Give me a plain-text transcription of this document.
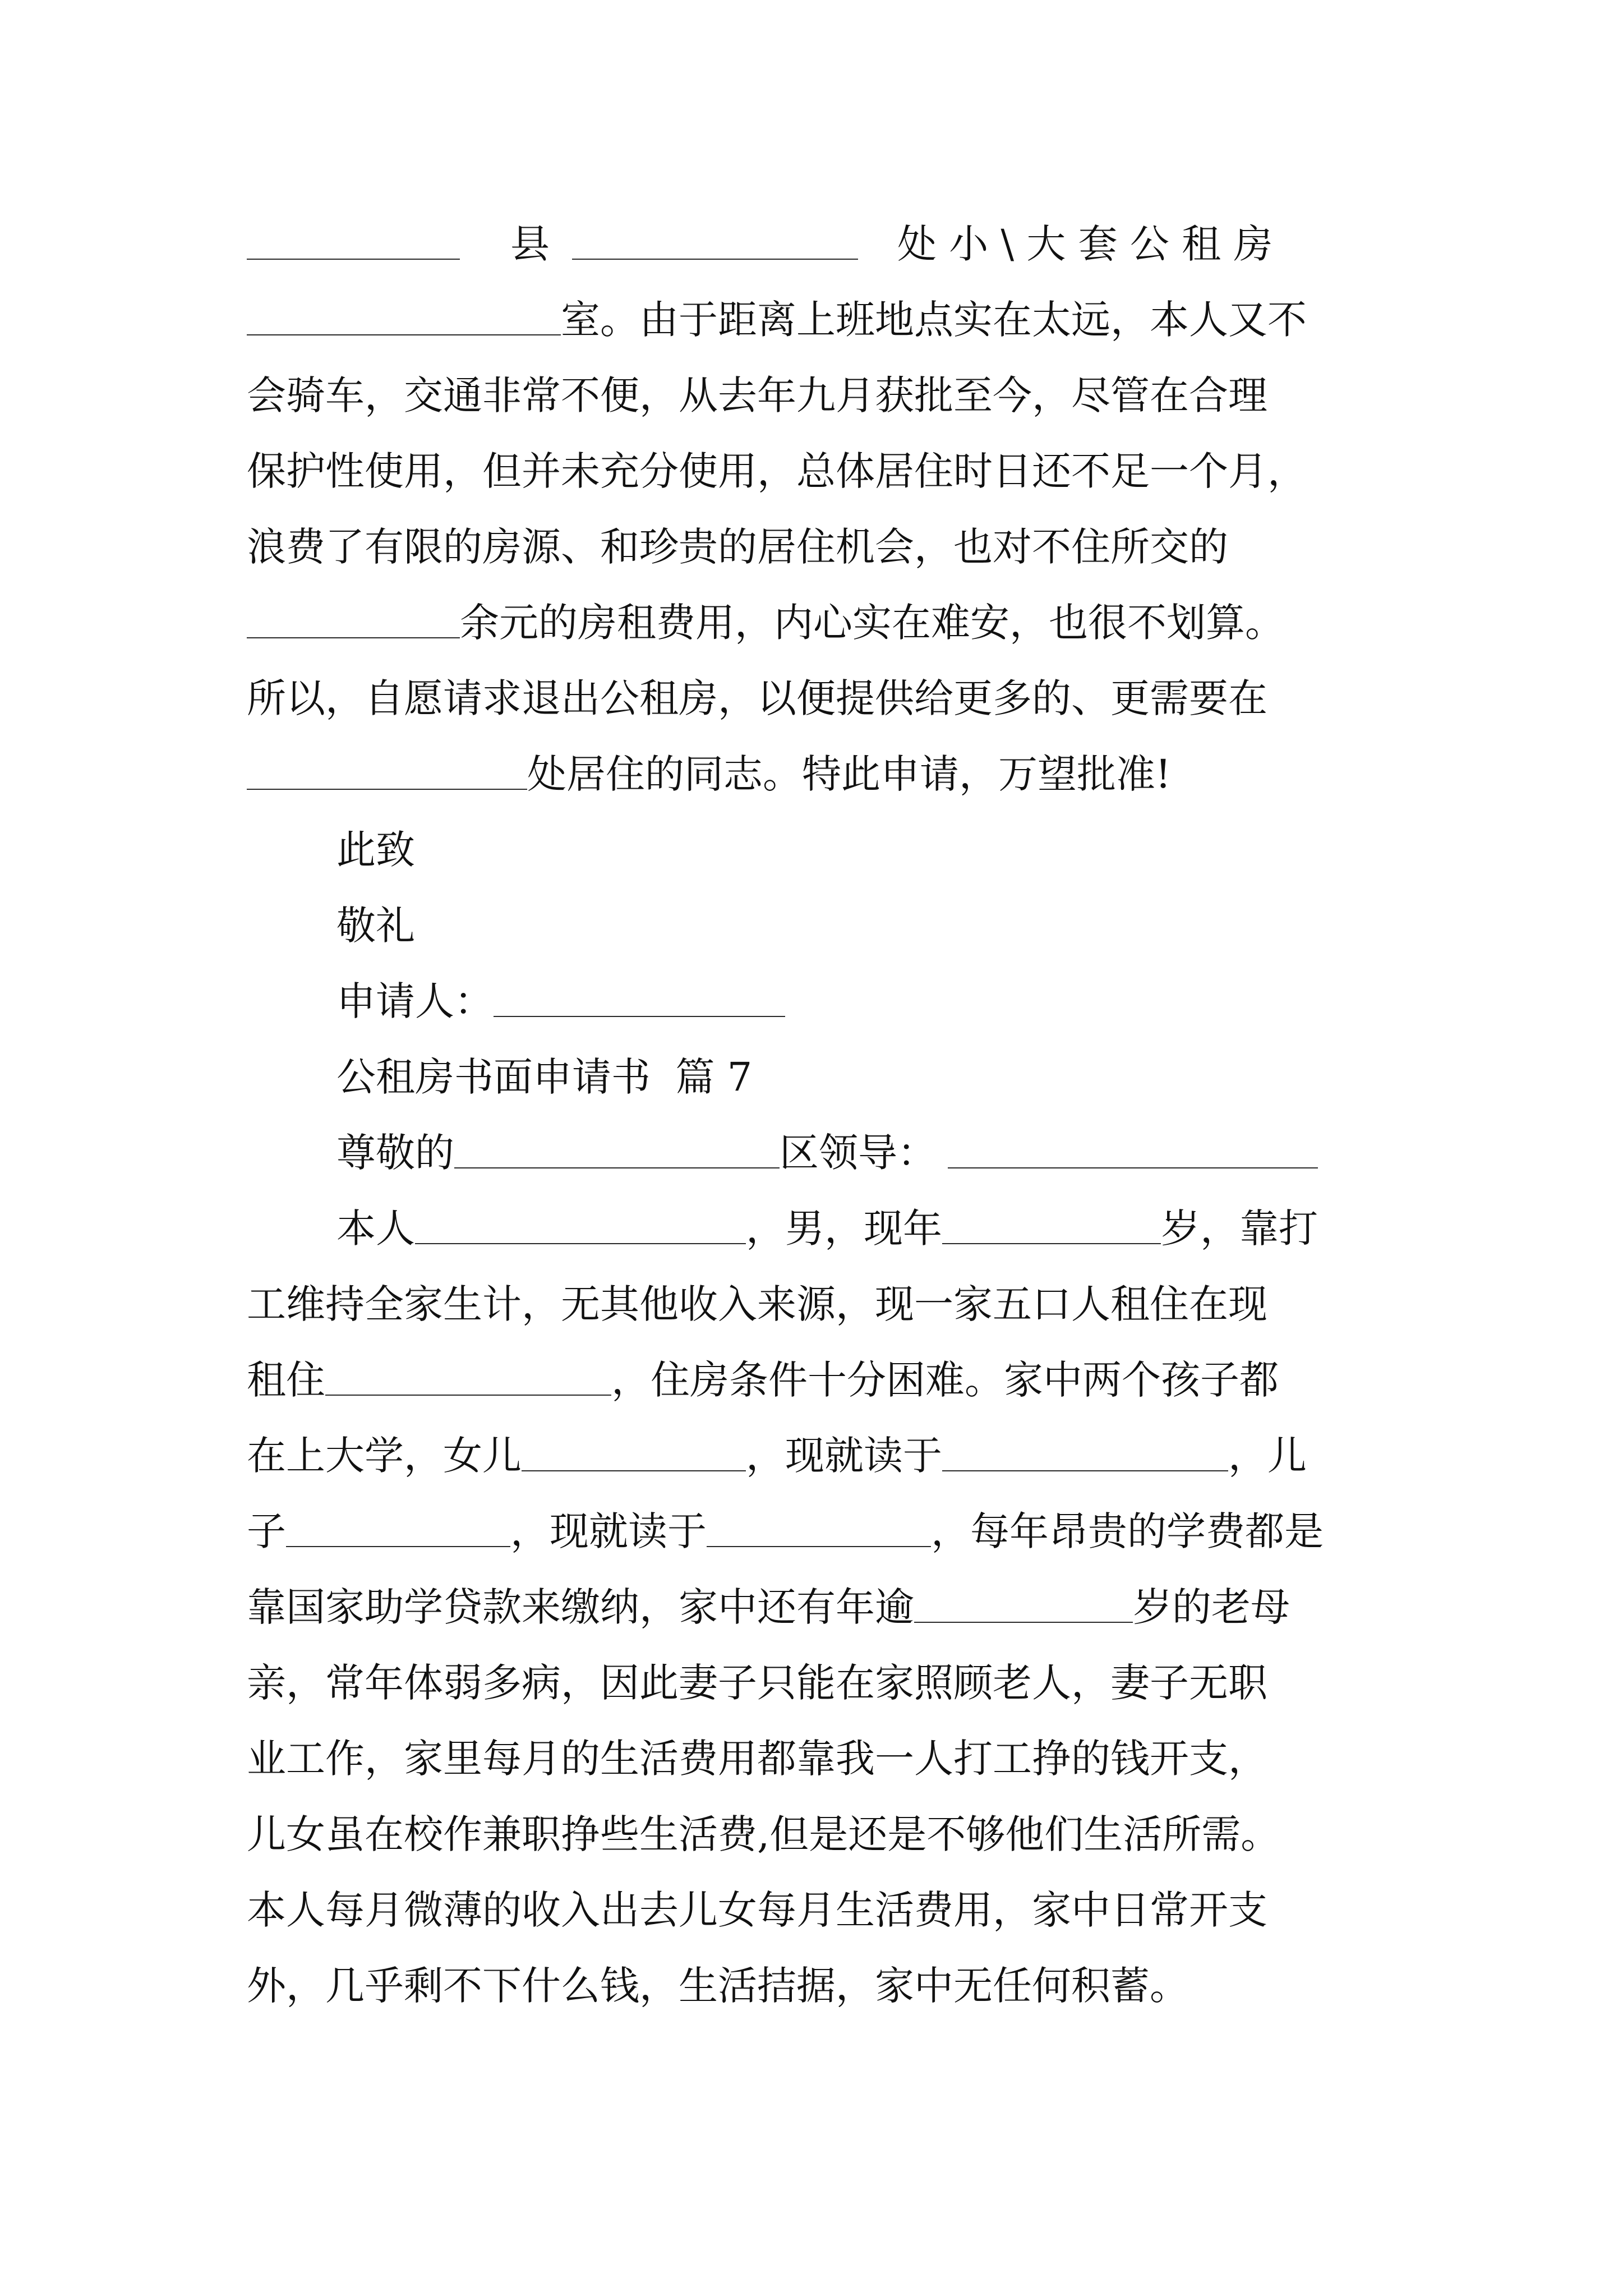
县	处 小 \ 大 套 公 租 房
室。由于距离上班地点实在太远，本人又不
会骑车，交通非常不便，从去年九月获批至今，尽管在合理
保护性使用，但并未充分使用，总体居住时日还不足一个月，
浪费了有限的房源、和珍贵的居住机会，也对不住所交的
余元的房租费用，内心实在难安，也很不划算。
所以，自愿请求退出公租房，以便提供给更多的、更需要在
处居住的同志。特此申请，万望批准!
此致
敬礼
申请人：
公租房书面申请书  篇 7
尊敬的	区领导：
本人	，男，现年	岁，靠打
工维持全家生计，无其他收入来源，现一家五口人租住在现
租住	，住房条件十分困难。家中两个孩子都
在上大学，女儿	，现就读于	，儿
子	，现就读于	，每年昂贵的学费都是
靠国家助学贷款来缴纳，家中还有年逾	岁的老母
亲，常年体弱多病，因此妻子只能在家照顾老人，妻子无职
业工作，家里每月的生活费用都靠我一人打工挣的钱开支，
儿女虽在校作兼职挣些生活费,但是还是不够他们生活所需。
本人每月微薄的收入出去儿女每月生活费用，家中日常开支
外，几乎剩不下什么钱，生活拮据，家中无任何积蓄。
